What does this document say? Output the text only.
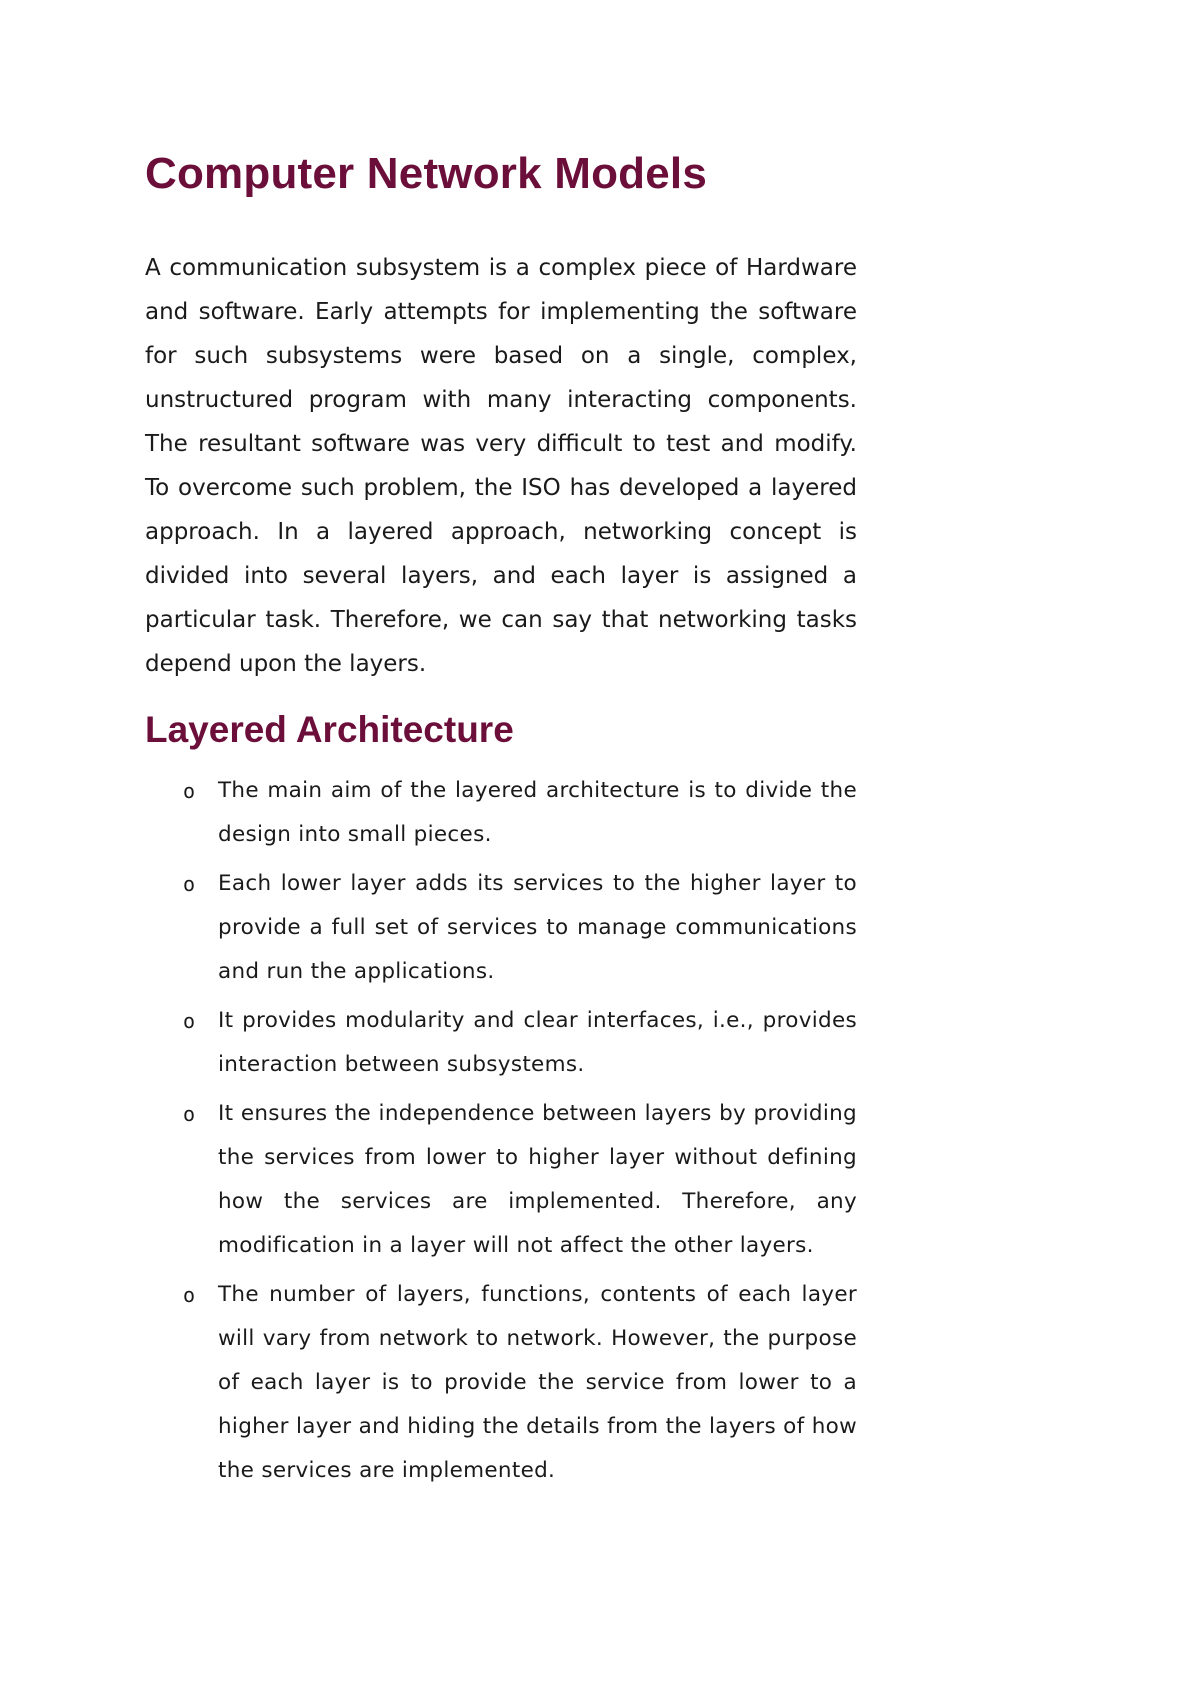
Computer Network Models

A communication subsystem is a complex piece of Hardware and software. Early attempts for implementing the software for such subsystems were based on a single, complex, unstructured program with many interacting components. The resultant software was very difficult to test and modify. To overcome such problem, the ISO has developed a layered approach. In a layered approach, networking concept is divided into several layers, and each layer is assigned a particular task. Therefore, we can say that networking tasks depend upon the layers.

Layered Architecture
o The main aim of the layered architecture is to divide the design into small pieces.
o Each lower layer adds its services to the higher layer to provide a full set of services to manage communications and run the applications.
o It provides modularity and clear interfaces, i.e., provides interaction between subsystems.
o It ensures the independence between layers by providing the services from lower to higher layer without defining how the services are implemented. Therefore, any modification in a layer will not affect the other layers.
o The number of layers, functions, contents of each layer will vary from network to network. However, the purpose of each layer is to provide the service from lower to a higher layer and hiding the details from the layers of how the services are implemented.
